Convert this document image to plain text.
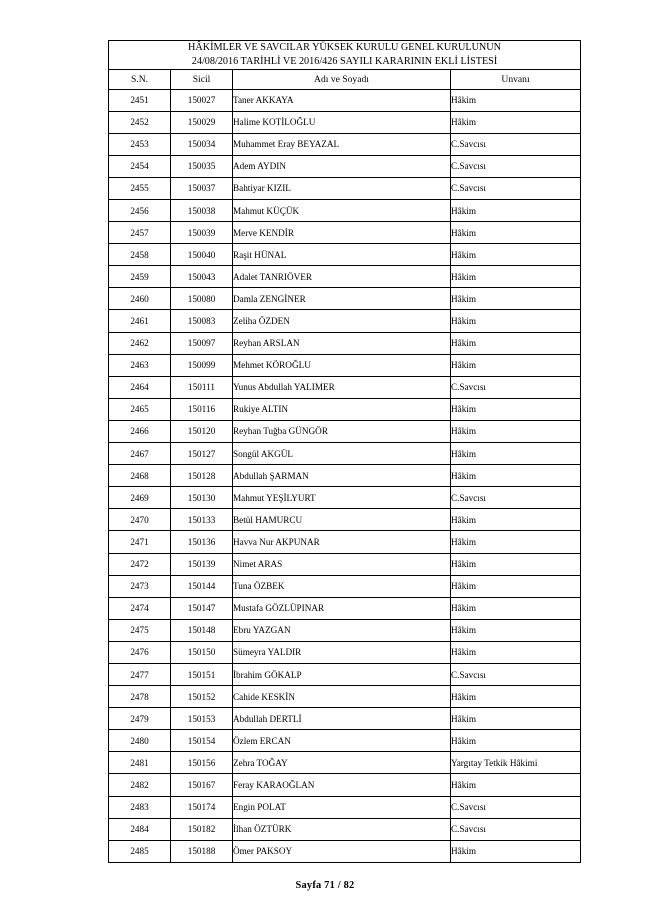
HÂKİMLER VE SAVCILAR YÜKSEK KURULU GENEL KURULUNUN
24/08/2016 TARİHLİ VE 2016/426 SAYILI KARARININ EKLİ LİSTESİ			

S.N.	Sicil	Adı ve Soyadı	Unvanı
2451	150027	Taner AKKAYA	Hâkim
2452	150029	Halime KOTİLOĞLU	Hâkim
2453	150034	Muhammet Eray BEYAZAL	C.Savcısı
2454	150035	Adem AYDIN	C.Savcısı
2455	150037	Bahtiyar KIZIL	C.Savcısı
2456	150038	Mahmut KÜÇÜK	Hâkim
2457	150039	Merve KENDİR	Hâkim
2458	150040	Raşit HÜNAL	Hâkim
2459	150043	Adalet TANRIÖVER	Hâkim
2460	150080	Damla ZENGİNER	Hâkim
2461	150083	Zeliha ÖZDEN	Hâkim
2462	150097	Reyhan ARSLAN	Hâkim
2463	150099	Mehmet KÖROĞLU	Hâkim
2464	150111	Yunus Abdullah YALIMER	C.Savcısı
2465	150116	Rukiye ALTIN	Hâkim
2466	150120	Reyhan Tuğba GÜNGÖR	Hâkim
2467	150127	Songül AKGÜL	Hâkim
2468	150128	Abdullah ŞARMAN	Hâkim
2469	150130	Mahmut YEŞİLYURT	C.Savcısı
2470	150133	Betül HAMURCU	Hâkim
2471	150136	Havva Nur AKPUNAR	Hâkim
2472	150139	Nimet ARAS	Hâkim
2473	150144	Tuna ÖZBEK	Hâkim
2474	150147	Mustafa GÖZLÜPINAR	Hâkim
2475	150148	Ebru YAZGAN	Hâkim
2476	150150	Sümeyra YALDIR	Hâkim
2477	150151	İbrahim GÖKALP	C.Savcısı
2478	150152	Cahide KESKİN	Hâkim
2479	150153	Abdullah DERTLİ	Hâkim
2480	150154	Özlem ERCAN	Hâkim
2481	150156	Zehra TOĞAY	Yargıtay Tetkik Hâkimi
2482	150167	Feray KARAOĞLAN	Hâkim
2483	150174	Engin POLAT	C.Savcısı
2484	150182	İlhan ÖZTÜRK	C.Savcısı
2485	150188	Ömer PAKSOY	Hâkim
Sayfa 71 / 82
